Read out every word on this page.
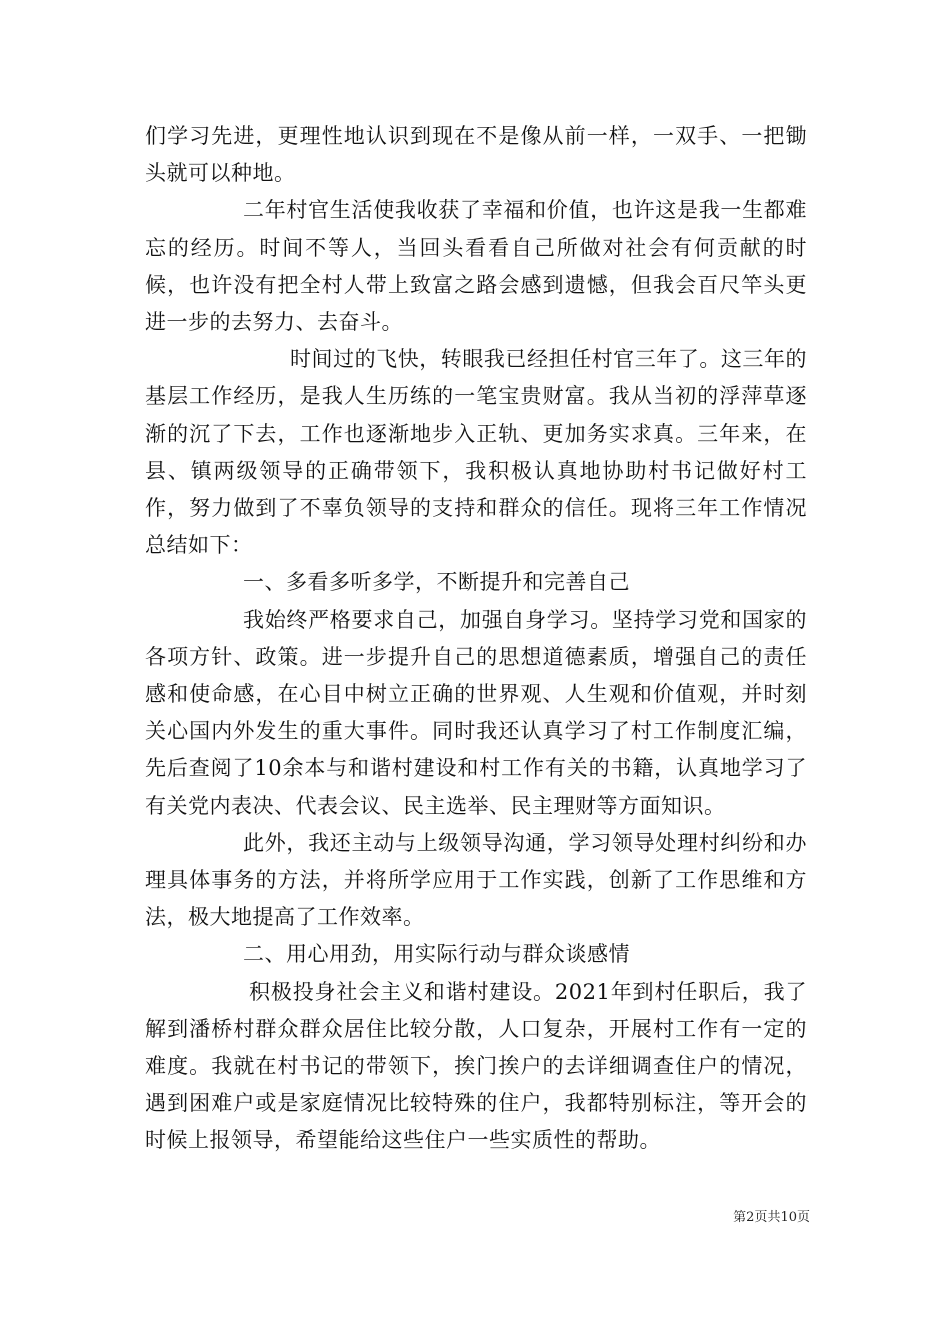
们学习先进，更理性地认识到现在不是像从前一样，一双手、一把锄头就可以种地。

二年村官生活使我收获了幸福和价值，也许这是我一生都难忘的经历。时间不等人，当回头看看自己所做对社会有何贡献的时候，也许没有把全村人带上致富之路会感到遗憾，但我会百尺竿头更进一步的去努力、去奋斗。

时间过的飞快，转眼我已经担任村官三年了。这三年的基层工作经历，是我人生历练的一笔宝贵财富。我从当初的浮萍草逐渐的沉了下去，工作也逐渐地步入正轨、更加务实求真。三年来，在县、镇两级领导的正确带领下，我积极认真地协助村书记做好村工作，努力做到了不辜负领导的支持和群众的信任。现将三年工作情况总结如下：

一、多看多听多学，不断提升和完善自己

我始终严格要求自己，加强自身学习。坚持学习党和国家的各项方针、政策。进一步提升自己的思想道德素质，增强自己的责任感和使命感，在心目中树立正确的世界观、人生观和价值观，并时刻关心国内外发生的重大事件。同时我还认真学习了村工作制度汇编，先后查阅了10余本与和谐村建设和村工作有关的书籍，认真地学习了有关党内表决、代表会议、民主选举、民主理财等方面知识。

此外，我还主动与上级领导沟通，学习领导处理村纠纷和办理具体事务的方法，并将所学应用于工作实践，创新了工作思维和方法，极大地提高了工作效率。

二、用心用劲，用实际行动与群众谈感情

积极投身社会主义和谐村建设。2021年到村任职后，我了解到潘桥村群众群众居住比较分散，人口复杂，开展村工作有一定的难度。我就在村书记的带领下，挨门挨户的去详细调查住户的情况，遇到困难户或是家庭情况比较特殊的住户，我都特别标注，等开会的时候上报领导，希望能给这些住户一些实质性的帮助。

第2页共10页
